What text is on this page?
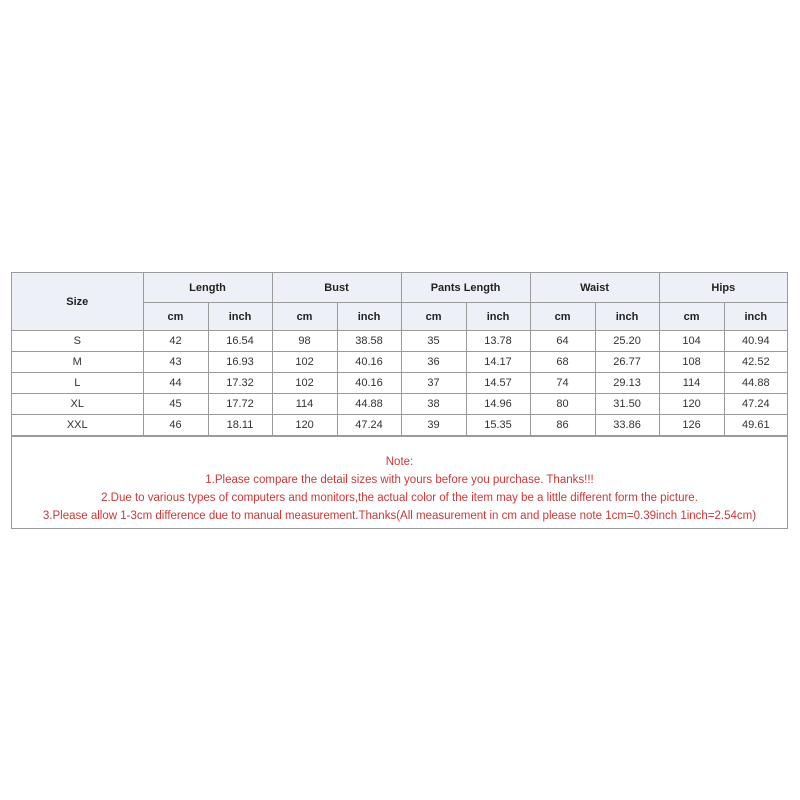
Size	Length		Bust		Pants Length		Waist		Hips	
	cm	inch	cm	inch	cm	inch	cm	inch	cm	inch
S	42	16.54	98	38.58	35	13.78	64	25.20	104	40.94
M	43	16.93	102	40.16	36	14.17	68	26.77	108	42.52
L	44	17.32	102	40.16	37	14.57	74	29.13	114	44.88
XL	45	17.72	114	44.88	38	14.96	80	31.50	120	47.24
XXL	46	18.11	120	47.24	39	15.35	86	33.86	126	49.61
Note:
1.Please compare the detail sizes with yours before you purchase. Thanks!!!
2.Due to various types of computers and monitors,the actual color of the item may be a little different form the picture.
3.Please allow 1-3cm difference due to manual measurement.Thanks(All measurement in cm and please note 1cm=0.39inch 1inch=2.54cm)
